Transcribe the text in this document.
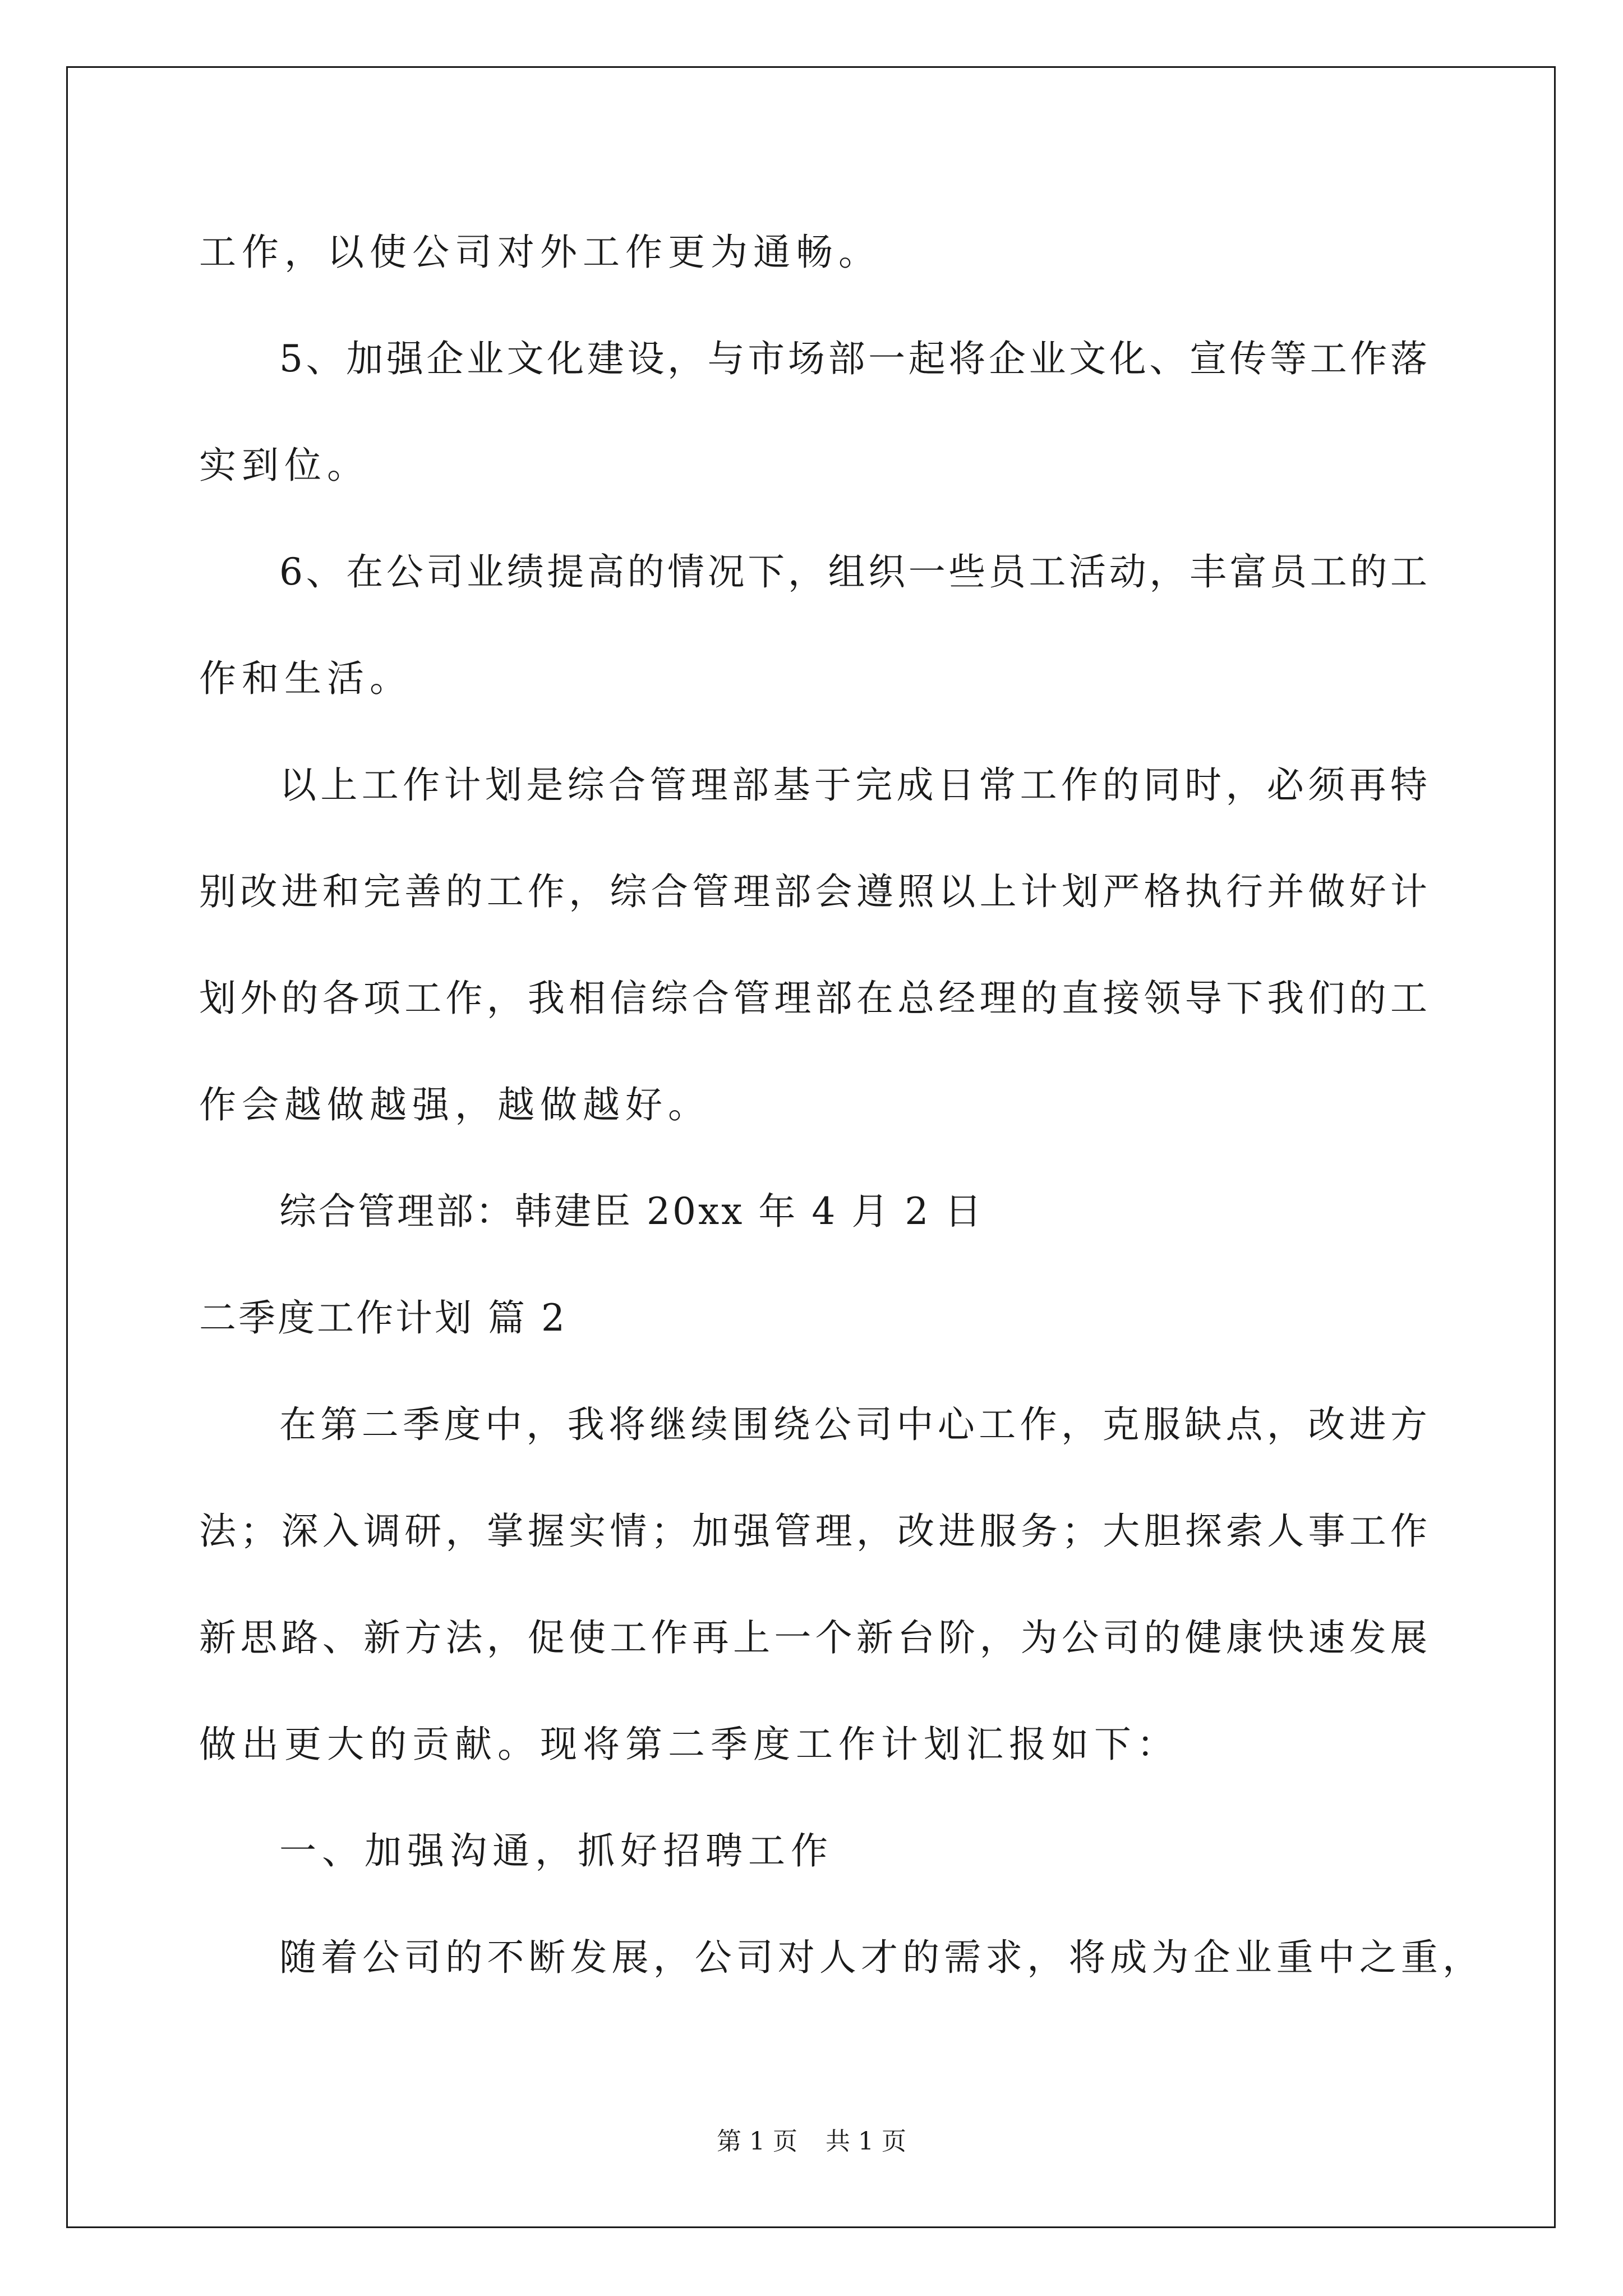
工作，以使公司对外工作更为通畅。
5、加强企业文化建设，与市场部一起将企业文化、宣传等工作落
实到位。
6、在公司业绩提高的情况下，组织一些员工活动，丰富员工的工
作和生活。
以上工作计划是综合管理部基于完成日常工作的同时，必须再特
别改进和完善的工作，综合管理部会遵照以上计划严格执行并做好计
划外的各项工作，我相信综合管理部在总经理的直接领导下我们的工
作会越做越强，越做越好。
综合管理部：韩建臣 20xx 年 4 月 2 日
二季度工作计划 篇 2
在第二季度中，我将继续围绕公司中心工作，克服缺点，改进方
法；深入调研，掌握实情；加强管理，改进服务；大胆探索人事工作
新思路、新方法，促使工作再上一个新台阶，为公司的健康快速发展
做出更大的贡献。现将第二季度工作计划汇报如下：
一、加强沟通，抓好招聘工作
随着公司的不断发展，公司对人才的需求，将成为企业重中之重，
第 1 页 共 1 页
